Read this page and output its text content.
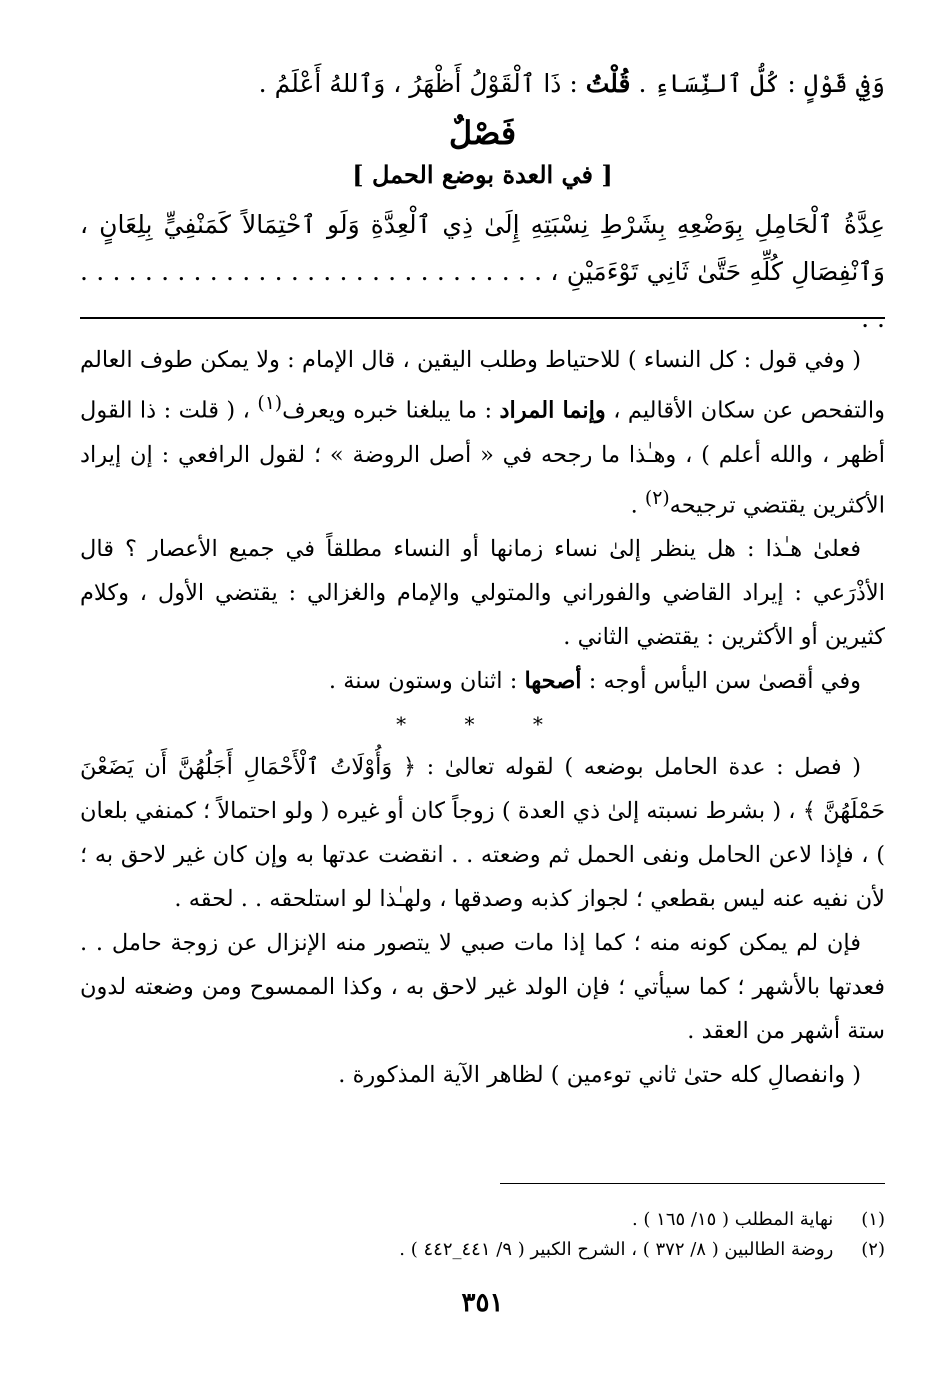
وَفِي قَوْلٍ : كُلُّ ٱلنِّسَاءِ . قُلْتُ : ذَا ٱلْقَوْلُ أَظْهَرُ ، وَٱللهُ أَعْلَمُ .

فَصْلٌ
[ في العدة بوضع الحمل ]

عِدَّةُ ٱلْحَامِلِ بِوَضْعِهِ بِشَرْطِ نِسْبَتِهِ إِلَىٰ ذِي ٱلْعِدَّةِ وَلَو ٱحْتِمَالاً كَمَنْفِيٍّ بِلِعَانٍ ، وَٱنْفِصَالِ كُلِّهِ حَتَّىٰ ثَانِي تَوْءَمَيْنِ ، . . . . . . . . . . . . . . . . . . . . . . . . . . . . . . .

( وفي قول : كل النساء ) للاحتياط وطلب اليقين ، قال الإمام : ولا يمكن طوف العالم والتفحص عن سكان الأقاليم ، وإنما المراد : ما يبلغنا خبره ويعرف$^{(١)}$ ، ( قلت : ذا القول أظهر ، والله أعلم ) ، وهـٰذا ما رجحه في « أصل الروضة » ؛ لقول الرافعي : إن إيراد الأكثرين يقتضي ترجيحه$^{(٢)}$ .

فعلىٰ هـٰذا : هل ينظر إلىٰ نساء زمانها أو النساء مطلقاً في جميع الأعصار ؟ قال الأذْرَعي : إيراد القاضي والفوراني والمتولي والإمام والغزالي : يقتضي الأول ، وكلام كثيرين أو الأكثرين : يقتضي الثاني .

وفي أقصىٰ سن اليأس أوجه : أصحها : اثنان وستون سنة .

* * *

( فصل : عدة الحامل بوضعه ) لقوله تعالىٰ : ﴿ وَأُوْلَاتُ ٱلْأَحْمَالِ أَجَلُهُنَّ أَن يَضَعْنَ حَمْلَهُنَّ ﴾ ، ( بشرط نسبته إلىٰ ذي العدة ) زوجاً كان أو غيره ( ولو احتمالاً ؛ كمنفي بلعان ) ، فإذا لاعن الحامل ونفى الحمل ثم وضعته . . انقضت عدتها به وإن كان غير لاحق به ؛ لأن نفيه عنه ليس بقطعي ؛ لجواز كذبه وصدقها ، ولهـٰذا لو استلحقه . . لحقه .

فإن لم يمكن كونه منه ؛ كما إذا مات صبي لا يتصور منه الإنزال عن زوجة حامل . . فعدتها بالأشهر ؛ كما سيأتي ؛ فإن الولد غير لاحق به ، وكذا الممسوح ومن وضعته لدون ستة أشهر من العقد .

( وانفصالِ كله حتىٰ ثاني توءمين ) لظاهر الآية المذكورة .

(١) نهاية المطلب ( ١٥/ ١٦٥ ) .

(٢) روضة الطالبين ( ٨/ ٣٧٢ ) ، الشرح الكبير ( ٩/ ٤٤١_٤٤٢ ) .

٣٥١
